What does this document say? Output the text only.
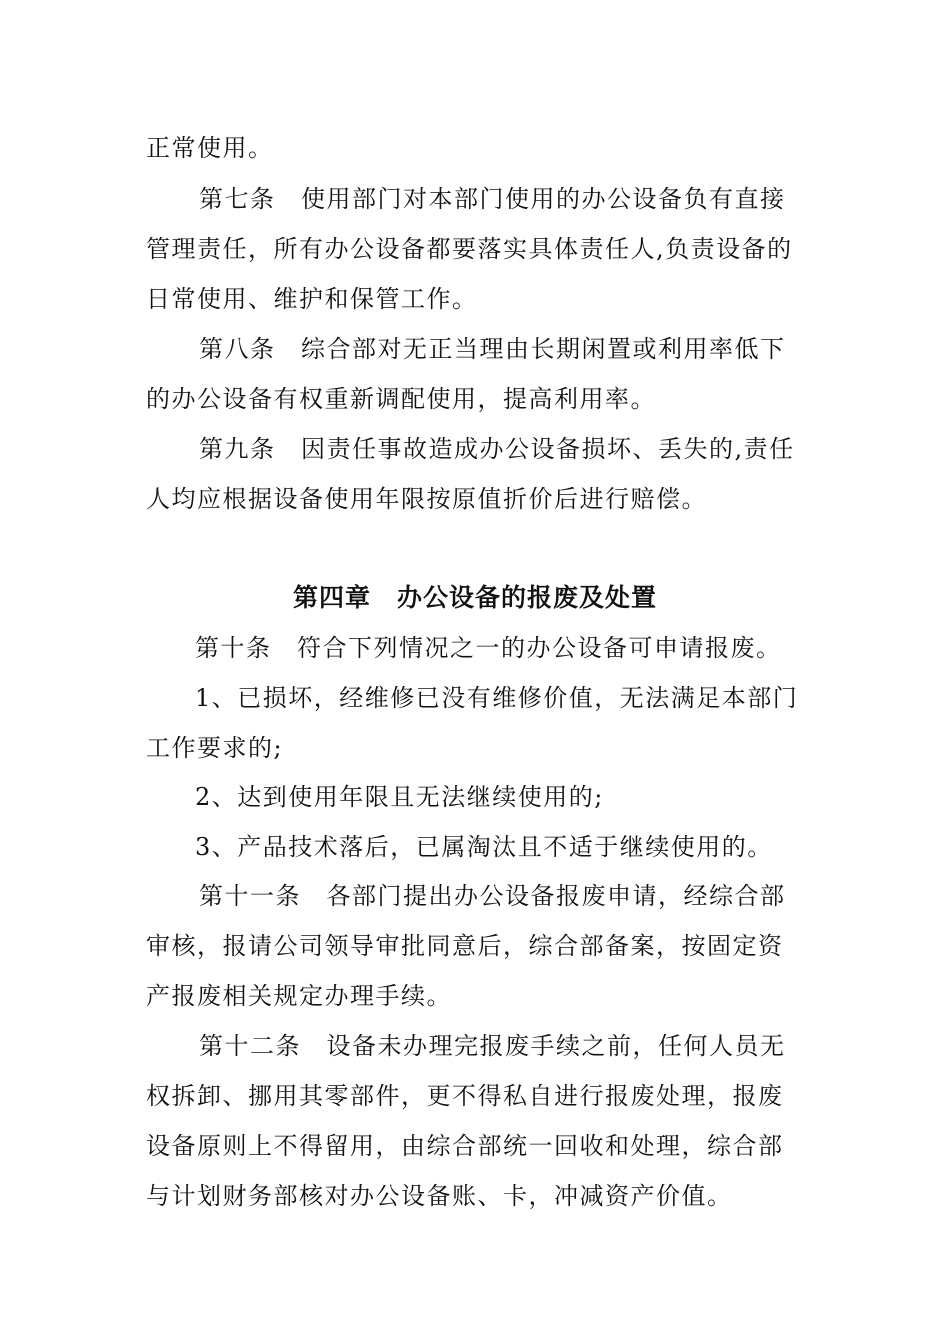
正常使用。
第七条　使用部门对本部门使用的办公设备负有直接
管理责任，所有办公设备都要落实具体责任人,负责设备的
日常使用、维护和保管工作。
第八条　综合部对无正当理由长期闲置或利用率低下
的办公设备有权重新调配使用，提高利用率。
第九条　因责任事故造成办公设备损坏、丢失的,责任
人均应根据设备使用年限按原值折价后进行赔偿。
第四章　办公设备的报废及处置
第十条　符合下列情况之一的办公设备可申请报废。
1、已损坏，经维修已没有维修价值，无法满足本部门
工作要求的;
2、达到使用年限且无法继续使用的;
3、产品技术落后，已属淘汰且不适于继续使用的。
第十一条　各部门提出办公设备报废申请，经综合部
审核，报请公司领导审批同意后，综合部备案，按固定资
产报废相关规定办理手续。
第十二条　设备未办理完报废手续之前，任何人员无
权拆卸、挪用其零部件，更不得私自进行报废处理，报废
设备原则上不得留用，由综合部统一回收和处理，综合部
与计划财务部核对办公设备账、卡，冲减资产价值。
